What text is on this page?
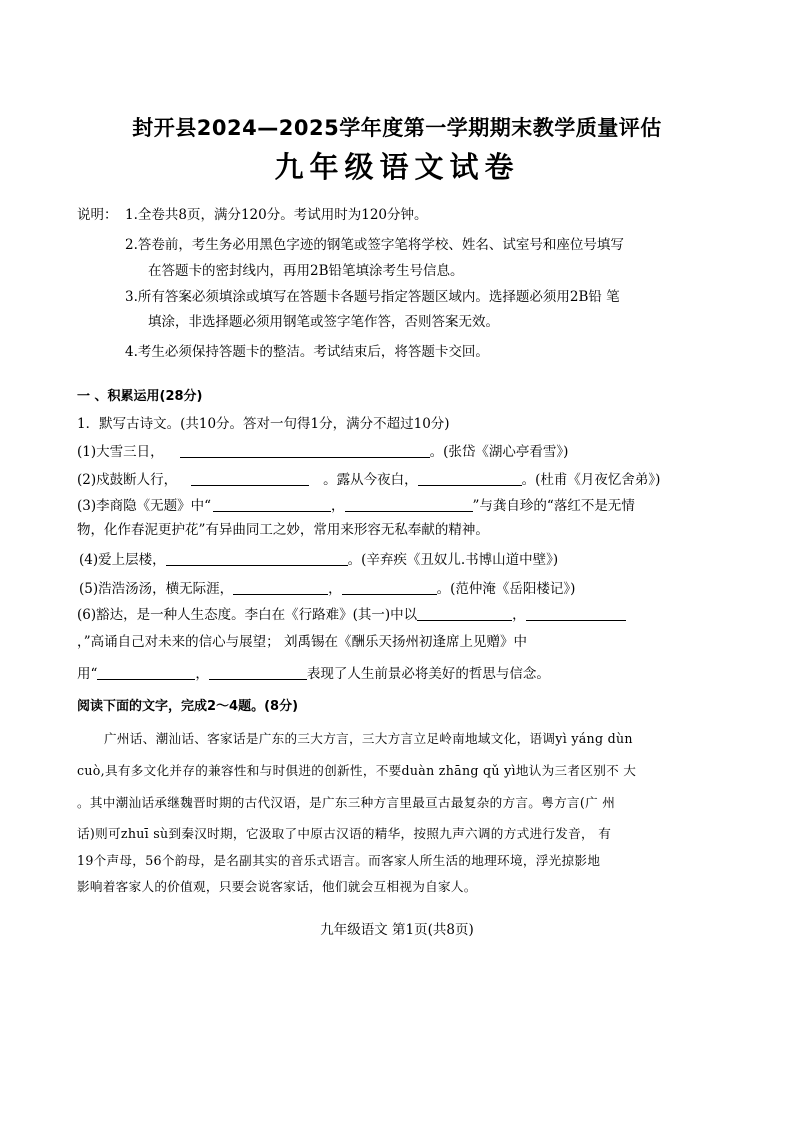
封开县2024—2025学年度第一学期期末教学质量评估
九年级语文试卷
说明： 1.全卷共8页，满分120分。考试用时为120分钟。
2.答卷前，考生务必用黑色字迹的钢笔或签字笔将学校、姓名、试室号和座位号填写
在答题卡的密封线内，再用2B铅笔填涂考生号信息。
3.所有答案必须填涂或填写在答题卡各题号指定答题区域内。选择题必须用2B铅 笔
填涂，非选择题必须用钢笔或签字笔作答，否则答案无效。
4.考生必须保持答题卡的整洁。考试结束后，将答题卡交回。
一 、积累运用(28分)
1．默写古诗文。(共10分。答对一句得1分，满分不超过10分)
(1)大雪三日，	。(张岱《湖心亭看雪》)
(2)戍鼓断人行，	。露从今夜白，	。(杜甫《月夜忆舍弟》)
(3)李商隐《无题》中“	，	”与龚自珍的“落红不是无情
物，化作春泥更护花”有异曲同工之妙，常用来形容无私奉献的精神。
(4)爱上层楼，	。(辛弃疾《丑奴儿.书博山道中壁》)
(5)浩浩汤汤，横无际涯，	，	。(范仲淹《岳阳楼记》)
(6)豁达，是一种人生态度。李白在《行路难》(其一)中以	，
，”高诵自己对未来的信心与展望； 刘禹锡在《酬乐天扬州初逢席上见赠》中
用“	，	表现了人生前景必将美好的哲思与信念。
阅读下面的文字，完成2～4题。(8分)
广州话、潮汕话、客家话是广东的三大方言，三大方言立足岭南地域文化，语调yì yáng dùn
cuò,具有多文化并存的兼容性和与时俱进的创新性，不要duàn zhāng qǔ yì地认为三者区别不 大
。其中潮汕话承继魏晋时期的古代汉语，是广东三种方言里最亘古最复杂的方言。粤方言(广 州
话)则可zhuī sù到秦汉时期，它汲取了中原古汉语的精华，按照九声六调的方式进行发音， 有
19个声母，56个韵母，是名副其实的音乐式语言。而客家人所生活的地理环境，浮光掠影地
影响着客家人的价值观，只要会说客家话，他们就会互相视为自家人。
九年级语文 第1页(共8页)
